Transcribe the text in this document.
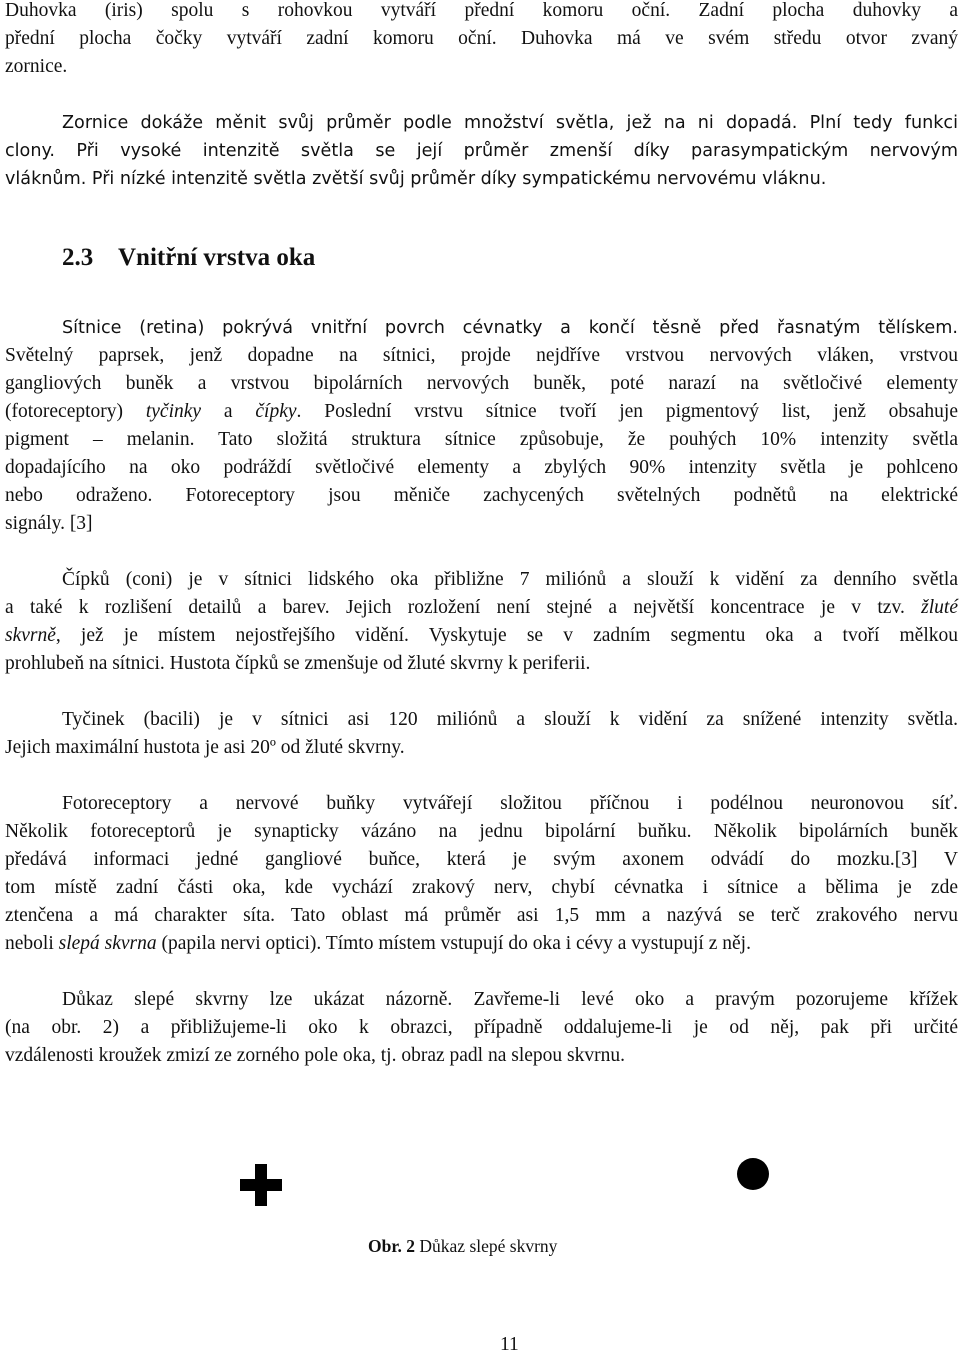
Duhovka (iris) spolu s rohovkou vytváří přední komoru oční. Zadní plocha duhovky a
přední plocha čočky vytváří zadní komoru oční. Duhovka má ve svém středu otvor zvaný
zornice.
Zornice dokáže měnit svůj průměr podle množství světla, jež na ni dopadá. Plní tedy funkci
clony. Při vysoké intenzitě světla se její průměr zmenší díky parasympatickým nervovým
vláknům. Při nízké intenzitě světla zvětší svůj průměr díky sympatickému nervovému vláknu.
2.3 Vnitřní vrstva oka
Sítnice (retina) pokrývá vnitřní povrch cévnatky a končí těsně před řasnatým tělískem.
Světelný paprsek, jenž dopadne na sítnici, projde nejdříve vrstvou nervových vláken, vrstvou
gangliových buněk a vrstvou bipolárních nervových buněk, poté narazí na světločivé elementy
(fotoreceptory) tyčinky a čípky. Poslední vrstvu sítnice tvoří jen pigmentový list, jenž obsahuje
pigment – melanin. Tato složitá struktura sítnice způsobuje, že pouhých 10% intenzity světla
dopadajícího na oko podráždí světločivé elementy a zbylých 90% intenzity světla je pohlceno
nebo odraženo. Fotoreceptory jsou měniče zachycených světelných podnětů na elektrické
signály. [3]
Čípků (coni) je v sítnici lidského oka přibližne 7 miliónů a slouží k vidění za denního světla
a také k rozlišení detailů a barev. Jejich rozložení není stejné a největší koncentrace je v tzv. žluté
skvrně, jež je místem nejostřejšího vidění. Vyskytuje se v zadním segmentu oka a tvoří mělkou
prohlubeň na sítnici. Hustota čípků se zmenšuje od žluté skvrny k periferii.
Tyčinek (bacili) je v sítnici asi 120 miliónů a slouží k vidění za snížené intenzity světla.
Jejich maximální hustota je asi 20º od žluté skvrny.
Fotoreceptory a nervové buňky vytvářejí složitou příčnou i podélnou neuronovou síť.
Několik fotoreceptorů je synapticky vázáno na jednu bipolární buňku. Několik bipolárních buněk
předává informaci jedné gangliové buňce, která je svým axonem odvádí do mozku.[3] V
tom místě zadní části oka, kde vychází zrakový nerv, chybí cévnatka i sítnice a bělima je zde
ztenčena a má charakter síta. Tato oblast má průměr asi 1,5 mm a nazývá se terč zrakového nervu
neboli slepá skvrna (papila nervi optici). Tímto místem vstupují do oka i cévy a vystupují z něj.
Důkaz slepé skvrny lze ukázat názorně. Zavřeme-li levé oko a pravým pozorujeme křížek
(na obr. 2) a přibližujeme-li oko k obrazci, případně oddalujeme-li je od něj, pak při určité
vzdálenosti kroužek zmizí ze zorného pole oka, tj. obraz padl na slepou skvrnu.
Obr. 2 Důkaz slepé skvrny
11
